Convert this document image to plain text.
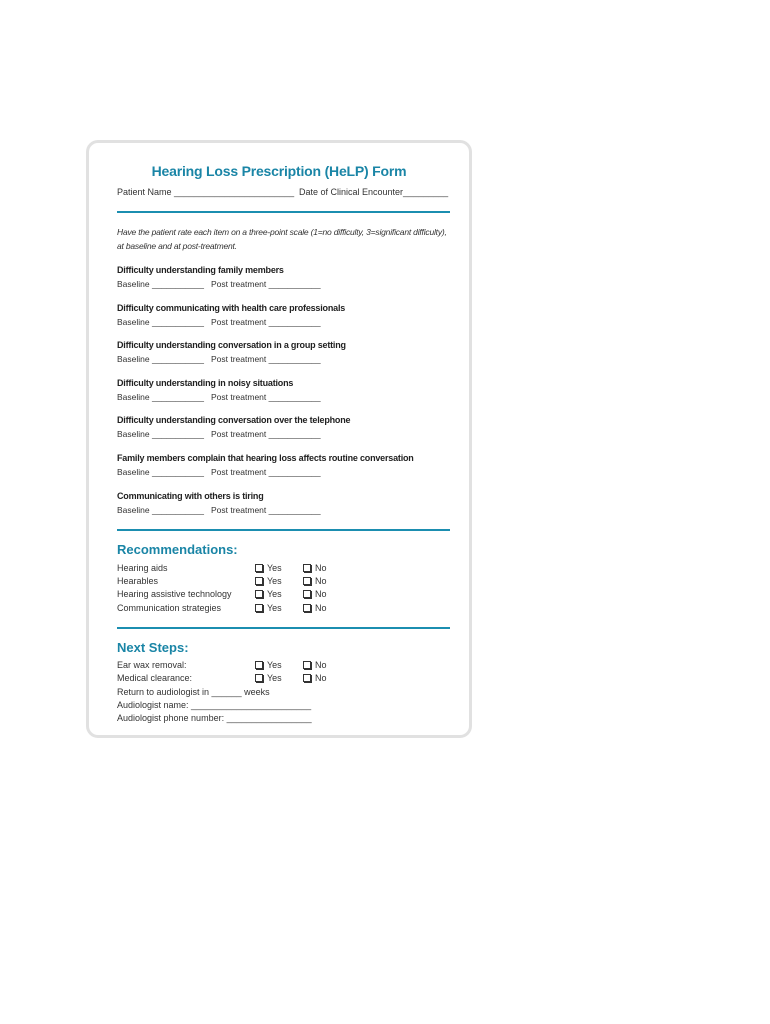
Hearing Loss Prescription (HeLP) Form
Patient Name ________________________ Date of Clinical Encounter_________
Have the patient rate each item on a three-point scale (1=no difficulty, 3=significant difficulty), at baseline and at post-treatment.
Difficulty understanding family members
Baseline ___________ Post treatment ___________
Difficulty communicating with health care professionals
Baseline ___________ Post treatment ___________
Difficulty understanding conversation in a group setting
Baseline ___________ Post treatment ___________
Difficulty understanding in noisy situations
Baseline ___________ Post treatment ___________
Difficulty understanding conversation over the telephone
Baseline ___________ Post treatment ___________
Family members complain that hearing loss affects routine conversation
Baseline ___________ Post treatment ___________
Communicating with others is tiring
Baseline ___________ Post treatment ___________
Recommendations:
Hearing aids	Yes	No
Hearables	Yes	No
Hearing assistive technology	Yes	No
Communication strategies	Yes	No
Next Steps:
Ear wax removal:	Yes	No
Medical clearance:	Yes	No
Return to audiologist in ______ weeks
Audiologist name: ________________________
Audiologist phone number: _________________
